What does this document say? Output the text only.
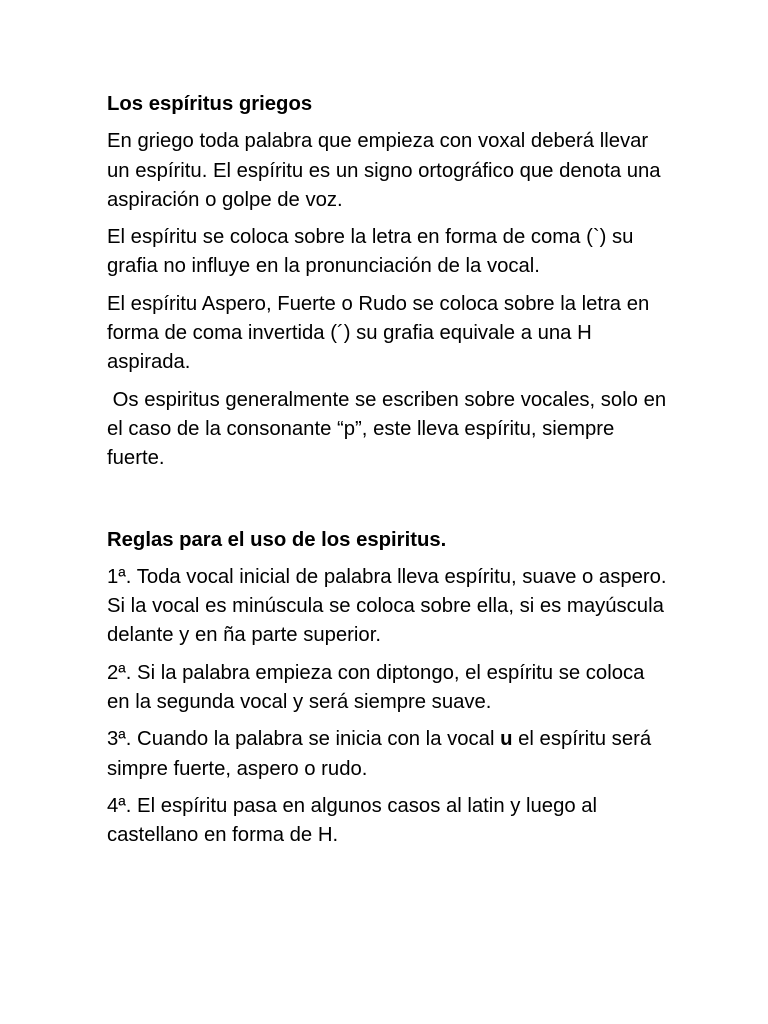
Los espíritus griegos

En griego toda palabra que empieza con voxal deberá llevar un espíritu. El espíritu es un signo ortográfico que denota una aspiración o golpe de voz.

El espíritu se coloca sobre la letra en forma de coma (`) su grafia no influye en la pronunciación de la vocal.

El espíritu Aspero, Fuerte o Rudo se coloca sobre la letra en forma de coma invertida (´) su grafia equivale a una H aspirada.

Os espiritus generalmente se escriben sobre vocales, solo en el caso de la consonante “p”, este lleva espíritu, siempre fuerte.

Reglas para el uso de los espiritus.

1ª. Toda vocal inicial de palabra lleva espíritu, suave o aspero. Si la vocal es minúscula se coloca sobre ella, si es mayúscula delante y en ña parte superior.

2ª. Si la palabra empieza con diptongo, el espíritu se coloca en la segunda vocal y será siempre suave.

3ª. Cuando la palabra se inicia con la vocal u el espíritu será simpre fuerte, aspero o rudo.

4ª. El espíritu pasa en algunos casos al latin y luego al castellano en forma de H.
